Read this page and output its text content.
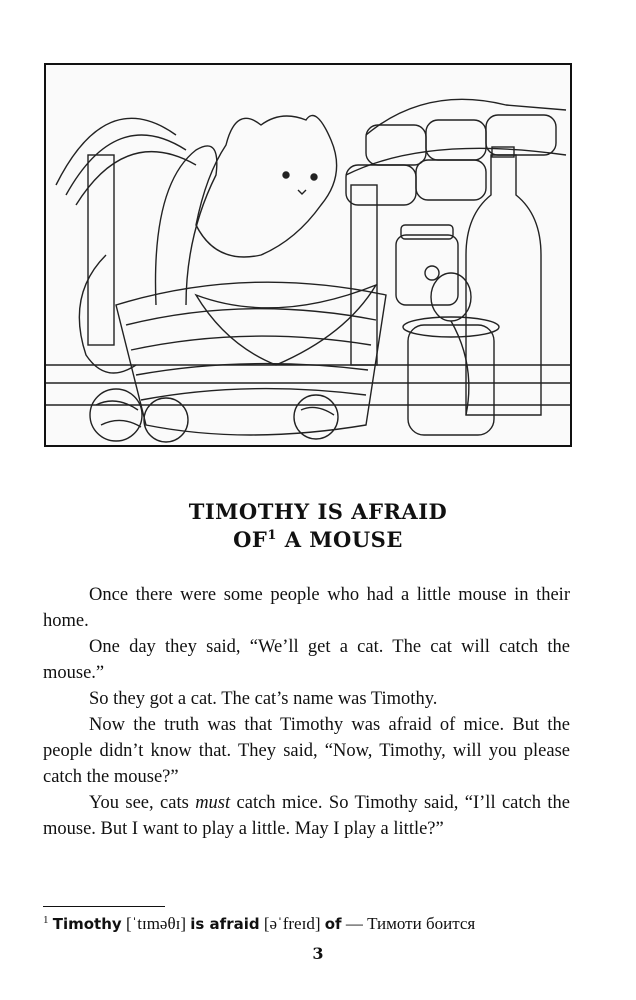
TIMOTHY IS AFRAID
$OF^1$ A MOUSE

Once there were some people who had a little mouse in their home.

One day they said, “We’ll get a cat. The cat will catch the mouse.”

So they got a cat. The cat’s name was Timothy.

Now the truth was that Timothy was afraid of mice. But the people didn’t know that. They said, “Now, Timothy, will you please catch the mouse?”

You see, cats must catch mice. So Timothy said, “I’ll catch the mouse. But I want to play a little. May I play a little?”

$^1$ Timothy [ˈtɪməθɪ] is afraid [əˈfreɪd] of — Тимоти боится
3
